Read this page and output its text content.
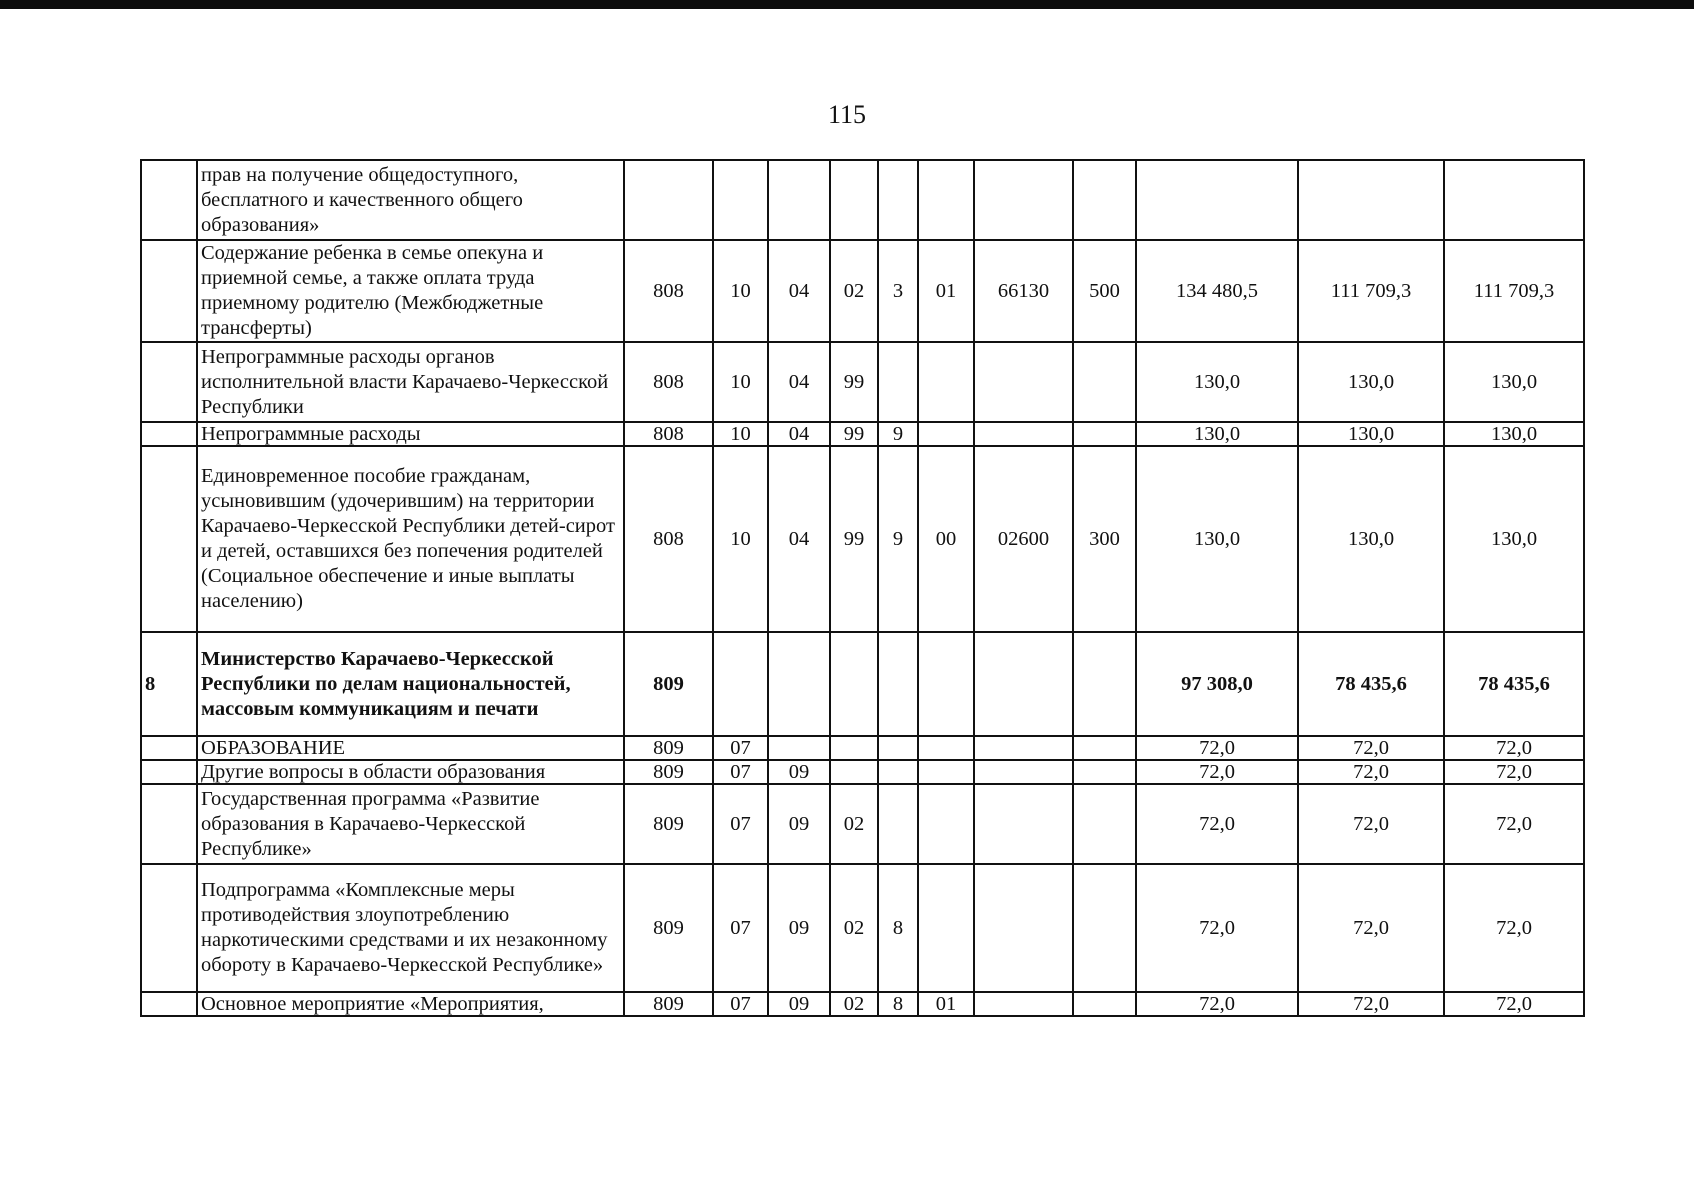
115
	прав на получение общедоступного, бесплатного и качественного общего образования»											
	Содержание ребенка в семье опекуна и приемной семье, а также оплата труда приемному родителю (Межбюджетные трансферты)	808	10	04	02	3	01	66130	500	134 480,5	111 709,3	111 709,3
	Непрограммные расходы органов исполнительной власти Карачаево-Черкесской Республики	808	10	04	99					130,0	130,0	130,0
	Непрограммные расходы	808	10	04	99	9				130,0	130,0	130,0
	Единовременное пособие гражданам, усыновившим (удочерившим) на территории Карачаево-Черкесской Республики детей-сирот и детей, оставшихся без попечения родителей (Социальное обеспечение и иные выплаты населению)	808	10	04	99	9	00	02600	300	130,0	130,0	130,0
8	Министерство Карачаево-Черкесской Республики по делам национальностей, массовым коммуникациям и печати	809								97 308,0	78 435,6	78 435,6
	ОБРАЗОВАНИЕ	809	07							72,0	72,0	72,0
	Другие вопросы в области образования	809	07	09						72,0	72,0	72,0
	Государственная программа «Развитие образования в Карачаево-Черкесской Республике»	809	07	09	02					72,0	72,0	72,0
	Подпрограмма «Комплексные меры противодействия злоупотреблению наркотическими средствами и их незаконному обороту в Карачаево-Черкесской Республике»	809	07	09	02	8				72,0	72,0	72,0
	Основное мероприятие «Мероприятия,	809	07	09	02	8	01			72,0	72,0	72,0
